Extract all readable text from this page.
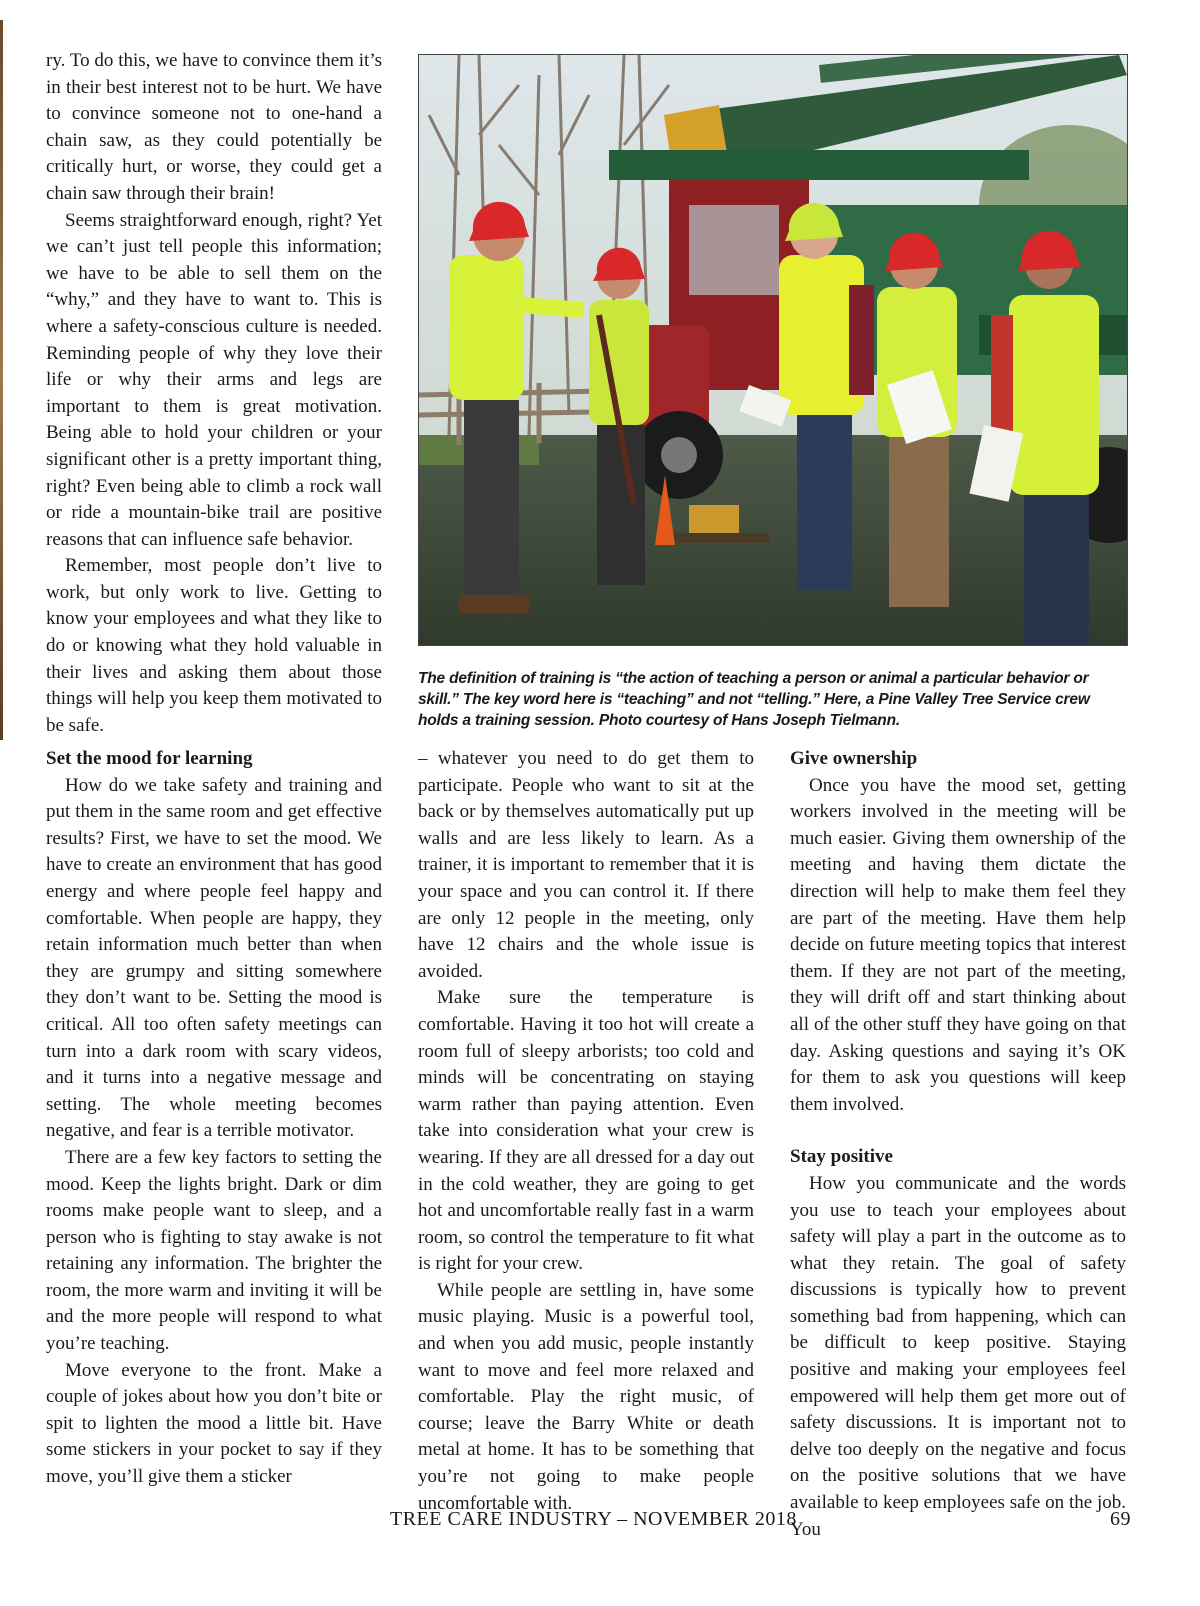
ry. To do this, we have to convince them it’s in their best interest not to be hurt. We have to convince someone not to one-hand a chain saw, as they could potentially be critically hurt, or worse, they could get a chain saw through their brain!

Seems straightforward enough, right? Yet we can’t just tell people this information; we have to be able to sell them on the “why,” and they have to want to. This is where a safety-conscious culture is needed. Reminding people of why they love their life or why their arms and legs are important to them is great motivation. Being able to hold your children or your significant other is a pretty important thing, right? Even being able to climb a rock wall or ride a mountain-bike trail are positive reasons that can influence safe behavior.

Remember, most people don’t live to work, but only work to live. Getting to know your employees and what they like to do or knowing what they hold valuable in their lives and asking them about those things will help you keep them motivated to be safe.

The definition of training is “the action of teaching a person or animal a particular behavior or skill.” The key word here is “teaching” and not “telling.” Here, a Pine Valley Tree Service crew holds a training session. Photo courtesy of Hans Joseph Tielmann.
Set the mood for learning

How do we take safety and training and put them in the same room and get effective results? First, we have to set the mood. We have to create an environment that has good energy and where people feel happy and comfortable. When people are happy, they retain information much better than when they are grumpy and sitting somewhere they don’t want to be. Setting the mood is critical. All too often safety meetings can turn into a dark room with scary videos, and it turns into a negative message and setting. The whole meeting becomes negative, and fear is a terrible motivator.

There are a few key factors to setting the mood. Keep the lights bright. Dark or dim rooms make people want to sleep, and a person who is fighting to stay awake is not retaining any information. The brighter the room, the more warm and inviting it will be and the more people will respond to what you’re teaching.

Move everyone to the front. Make a couple of jokes about how you don’t bite or spit to lighten the mood a little bit. Have some stickers in your pocket to say if they move, you’ll give them a sticker

– whatever you need to do get them to participate. People who want to sit at the back or by themselves automatically put up walls and are less likely to learn. As a trainer, it is important to remember that it is your space and you can control it. If there are only 12 people in the meeting, only have 12 chairs and the whole issue is avoided.

Make sure the temperature is comfortable. Having it too hot will create a room full of sleepy arborists; too cold and minds will be concentrating on staying warm rather than paying attention. Even take into consideration what your crew is wearing. If they are all dressed for a day out in the cold weather, they are going to get hot and uncomfortable really fast in a warm room, so control the temperature to fit what is right for your crew.

While people are settling in, have some music playing. Music is a powerful tool, and when you add music, people instantly want to move and feel more relaxed and comfortable. Play the right music, of course; leave the Barry White or death metal at home. It has to be something that you’re not going to make people uncomfortable with.

Give ownership

Once you have the mood set, getting workers involved in the meeting will be much easier. Giving them ownership of the meeting and having them dictate the direction will help to make them feel they are part of the meeting. Have them help decide on future meeting topics that interest them. If they are not part of the meeting, they will drift off and start thinking about all of the other stuff they have going on that day. Asking questions and saying it’s OK for them to ask you questions will keep them involved.

Stay positive

How you communicate and the words you use to teach your employees about safety will play a part in the outcome as to what they retain. The goal of safety discussions is typically how to prevent something bad from happening, which can be difficult to keep positive. Staying positive and making your employees feel empowered will help them get more out of safety discussions. It is important not to delve too deeply on the negative and focus on the positive solutions that we have available to keep employees safe on the job. You

TREE CARE INDUSTRY – NOVEMBER 2018	69
